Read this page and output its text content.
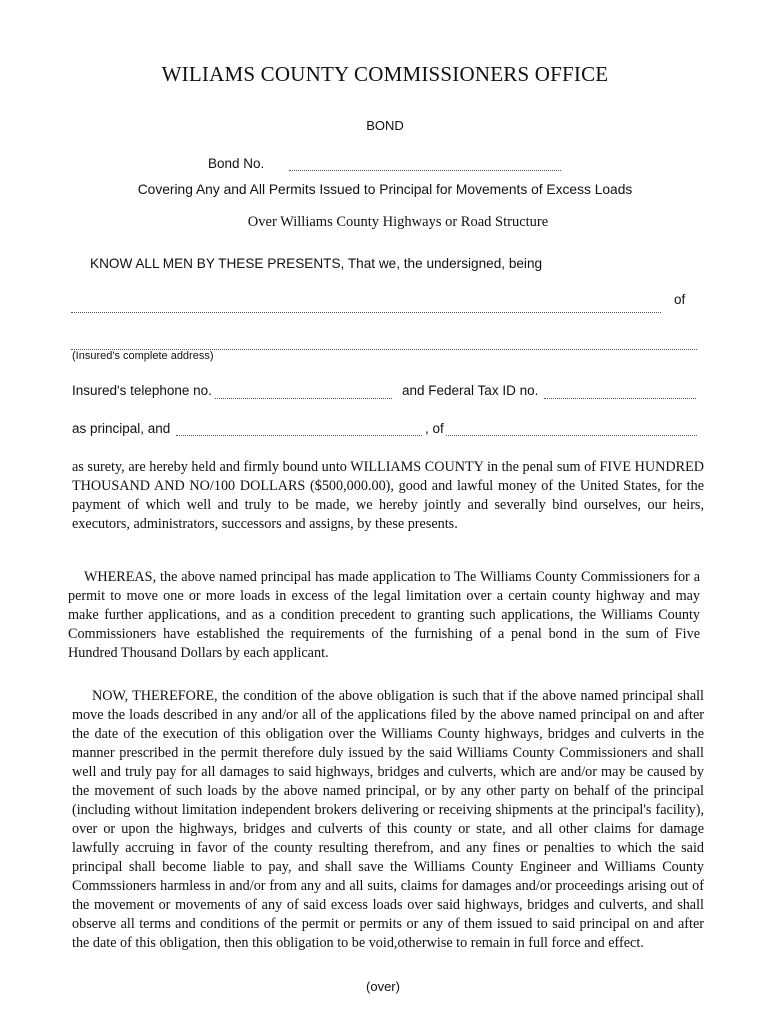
WILIAMS COUNTY COMMISSIONERS OFFICE
BOND
Bond No.
Covering Any and All Permits Issued to Principal for Movements of Excess Loads
Over Williams County Highways or Road Structure
KNOW ALL MEN BY THESE PRESENTS, That we, the undersigned, being
of
(Insured's complete address)
Insured's telephone no.	and Federal Tax ID no.
as principal, and	, of

as surety, are hereby held and firmly bound unto WILLIAMS COUNTY in the penal sum of FIVE HUNDRED THOUSAND AND NO/100 DOLLARS ($500,000.00), good and lawful money of the United States, for the payment of which well and truly to be made, we hereby jointly and severally bind ourselves, our heirs, executors, administrators, successors and assigns, by these presents.

WHEREAS, the above named principal has made application to The Williams County Commissioners for a permit to move one or more loads in excess of the legal limitation over a certain county highway and may make further applications, and as a condition precedent to granting such applications, the Williams County Commissioners have established the requirements of the furnishing of a penal bond in the sum of Five Hundred Thousand Dollars by each applicant.

NOW, THEREFORE, the condition of the above obligation is such that if the above named principal shall move the loads described in any and/or all of the applications filed by the above named principal on and after the date of the execution of this obligation over the Williams County highways, bridges and culverts in the manner prescribed in the permit therefore duly issued by the said Williams County Commissioners and shall well and truly pay for all damages to said highways, bridges and culverts, which are and/or may be caused by the movement of such loads by the above named principal, or by any other party on behalf of the principal (including without limitation independent brokers delivering or receiving shipments at the principal's facility), over or upon the highways, bridges and culverts of this county or state, and all other claims for damage lawfully accruing in favor of the county resulting therefrom, and any fines or penalties to which the said principal shall become liable to pay, and shall save the Williams County Engineer and Williams County Commssioners harmless in and/or from any and all suits, claims for damages and/or proceedings arising out of the movement or movements of any of said excess loads over said highways, bridges and culverts, and shall observe all terms and conditions of the permit or permits or any of them issued to said principal on and after the date of this obligation, then this obligation to be void,otherwise to remain in full force and effect.

(over)
